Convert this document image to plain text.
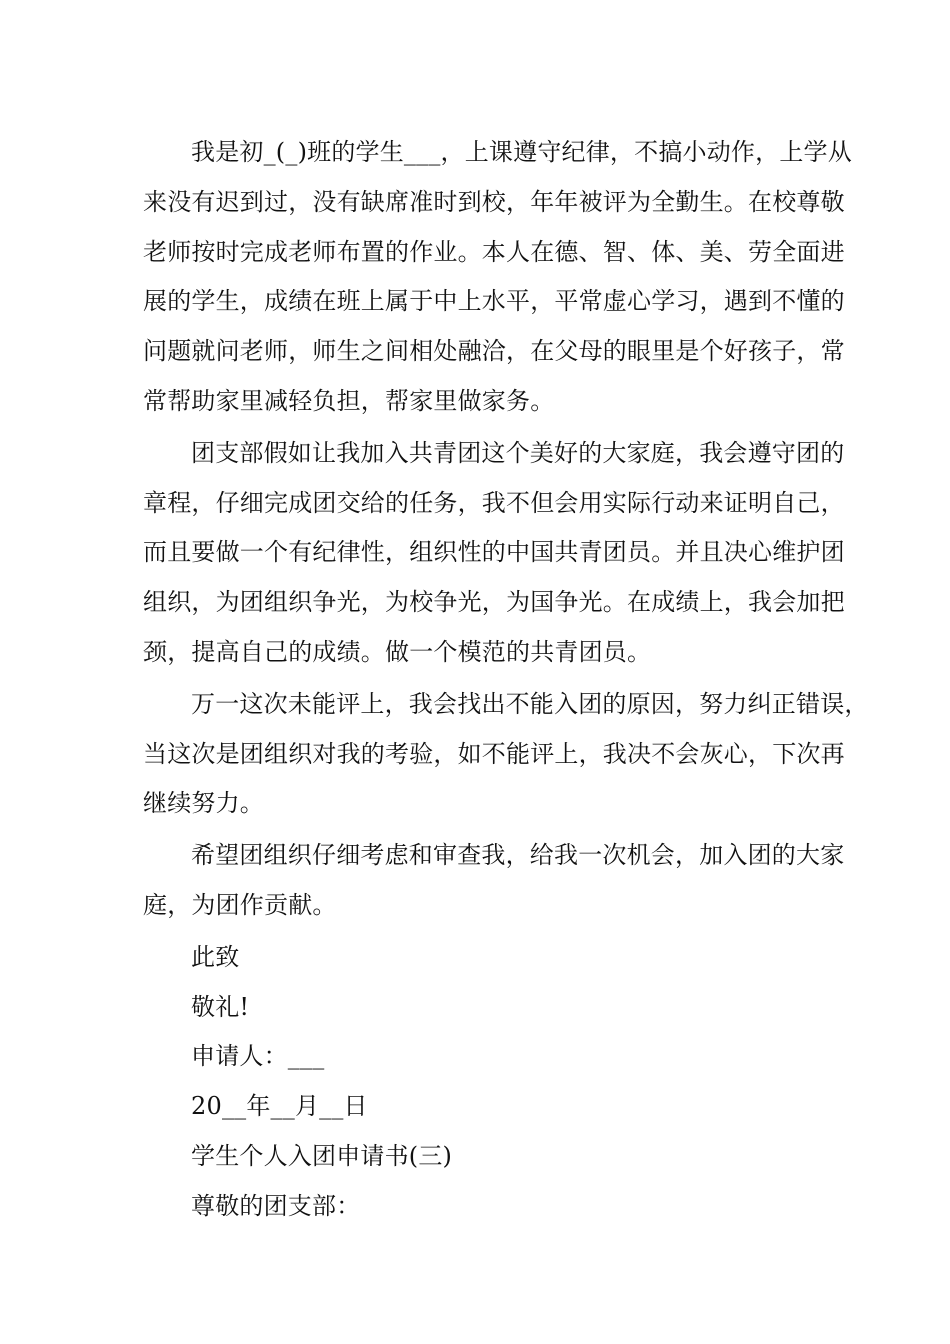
我是初_(_)班的学生___，上课遵守纪律，不搞小动作，上学从
来没有迟到过，没有缺席准时到校，年年被评为全勤生。在校尊敬
老师按时完成老师布置的作业。本人在德、智、体、美、劳全面进
展的学生，成绩在班上属于中上水平，平常虚心学习，遇到不懂的
问题就问老师，师生之间相处融洽，在父母的眼里是个好孩子，常
常帮助家里减轻负担，帮家里做家务。

团支部假如让我加入共青团这个美好的大家庭，我会遵守团的
章程，仔细完成团交给的任务，我不但会用实际行动来证明自己，
而且要做一个有纪律性，组织性的中国共青团员。并且决心维护团
组织，为团组织争光，为校争光，为国争光。在成绩上，我会加把
颈，提高自己的成绩。做一个模范的共青团员。

万一这次未能评上，我会找出不能入团的原因，努力纠正错误，
当这次是团组织对我的考验，如不能评上，我决不会灰心，下次再
继续努力。

希望团组织仔细考虑和审查我，给我一次机会，加入团的大家
庭，为团作贡献。

此致

敬礼!

申请人：___

20__年__月__日

学生个人入团申请书(三)

尊敬的团支部：
